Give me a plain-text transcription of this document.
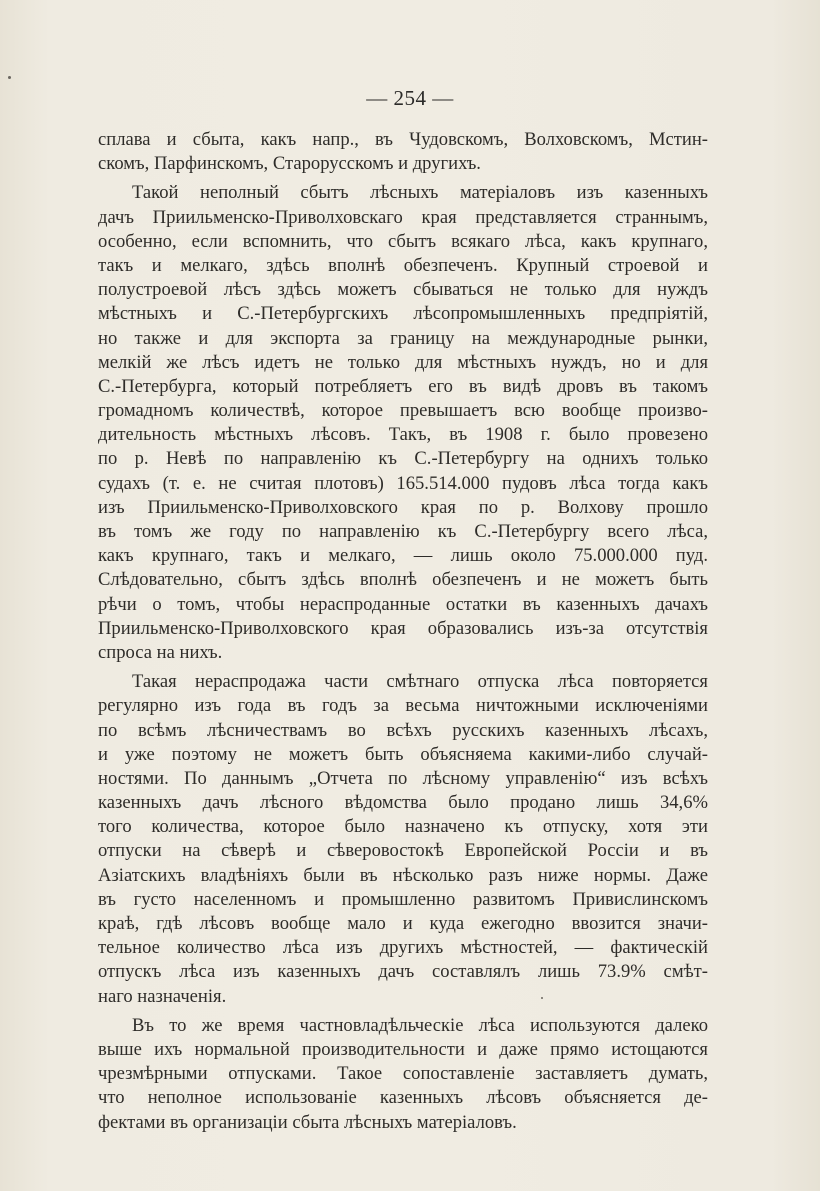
— 254 —
сплава и сбыта, какъ напр., въ Чудовскомъ, Волховскомъ, Мстин-
скомъ, Парфинскомъ, Старорусскомъ и другихъ.
Такой неполный сбытъ лѣсныхъ матеріаловъ изъ казенныхъ
дачъ Приильменско-Приволховскаго края представляется страннымъ,
особенно, если вспомнить, что сбытъ всякаго лѣса, какъ крупнаго,
такъ и мелкаго, здѣсь вполнѣ обезпеченъ. Крупный строевой и
полустроевой лѣсъ здѣсь можетъ сбываться не только для нуждъ
мѣстныхъ и С.-Петербургскихъ лѣсопромышленныхъ предпріятій,
но также и для экспорта за границу на международные рынки,
мелкій же лѣсъ идетъ не только для мѣстныхъ нуждъ, но и для
С.-Петербурга, который потребляетъ его въ видѣ дровъ въ такомъ
громадномъ количествѣ, которое превышаетъ всю вообще произво-
дительность мѣстныхъ лѣсовъ. Такъ, въ 1908 г. было провезено
по р. Невѣ по направленію къ С.-Петербургу на однихъ только
судахъ (т. е. не считая плотовъ) 165.514.000 пудовъ лѣса тогда какъ
изъ Приильменско-Приволховского края по р. Волхову прошло
въ томъ же году по направленію къ С.-Петербургу всего лѣса,
какъ крупнаго, такъ и мелкаго, — лишь около 75.000.000 пуд.
Слѣдовательно, сбытъ здѣсь вполнѣ обезпеченъ и не можетъ быть
рѣчи о томъ, чтобы нераспроданные остатки въ казенныхъ дачахъ
Приильменско-Приволховского края образовались изъ-за отсутствія
спроса на нихъ.
Такая нераспродажа части смѣтнаго отпуска лѣса повторяется
регулярно изъ года въ годъ за весьма ничтожными исключеніями
по всѣмъ лѣсничествамъ во всѣхъ русскихъ казенныхъ лѣсахъ,
и уже поэтому не можетъ быть объясняема какими-либо случай-
ностями. По даннымъ „Отчета по лѣсному управленію“ изъ всѣхъ
казенныхъ дачъ лѣсного вѣдомства было продано лишь 34,6%
того количества, которое было назначено къ отпуску, хотя эти
отпуски на сѣверѣ и сѣверовостокѣ Европейской Россіи и въ
Азіатскихъ владѣніяхъ были въ нѣсколько разъ ниже нормы. Даже
въ густо населенномъ и промышленно развитомъ Привислинскомъ
краѣ, гдѣ лѣсовъ вообще мало и куда ежегодно ввозится значи-
тельное количество лѣса изъ другихъ мѣстностей, — фактическій
отпускъ лѣса изъ казенныхъ дачъ составлялъ лишь 73.9% смѣт-
наго назначенія.
Въ то же время частновладѣльческіе лѣса используются далеко
выше ихъ нормальной производительности и даже прямо истощаются
чрезмѣрными отпусками. Такое сопоставленіе заставляетъ думать,
что неполное использованіе казенныхъ лѣсовъ объясняется де-
фектами въ организаціи сбыта лѣсныхъ матеріаловъ.
